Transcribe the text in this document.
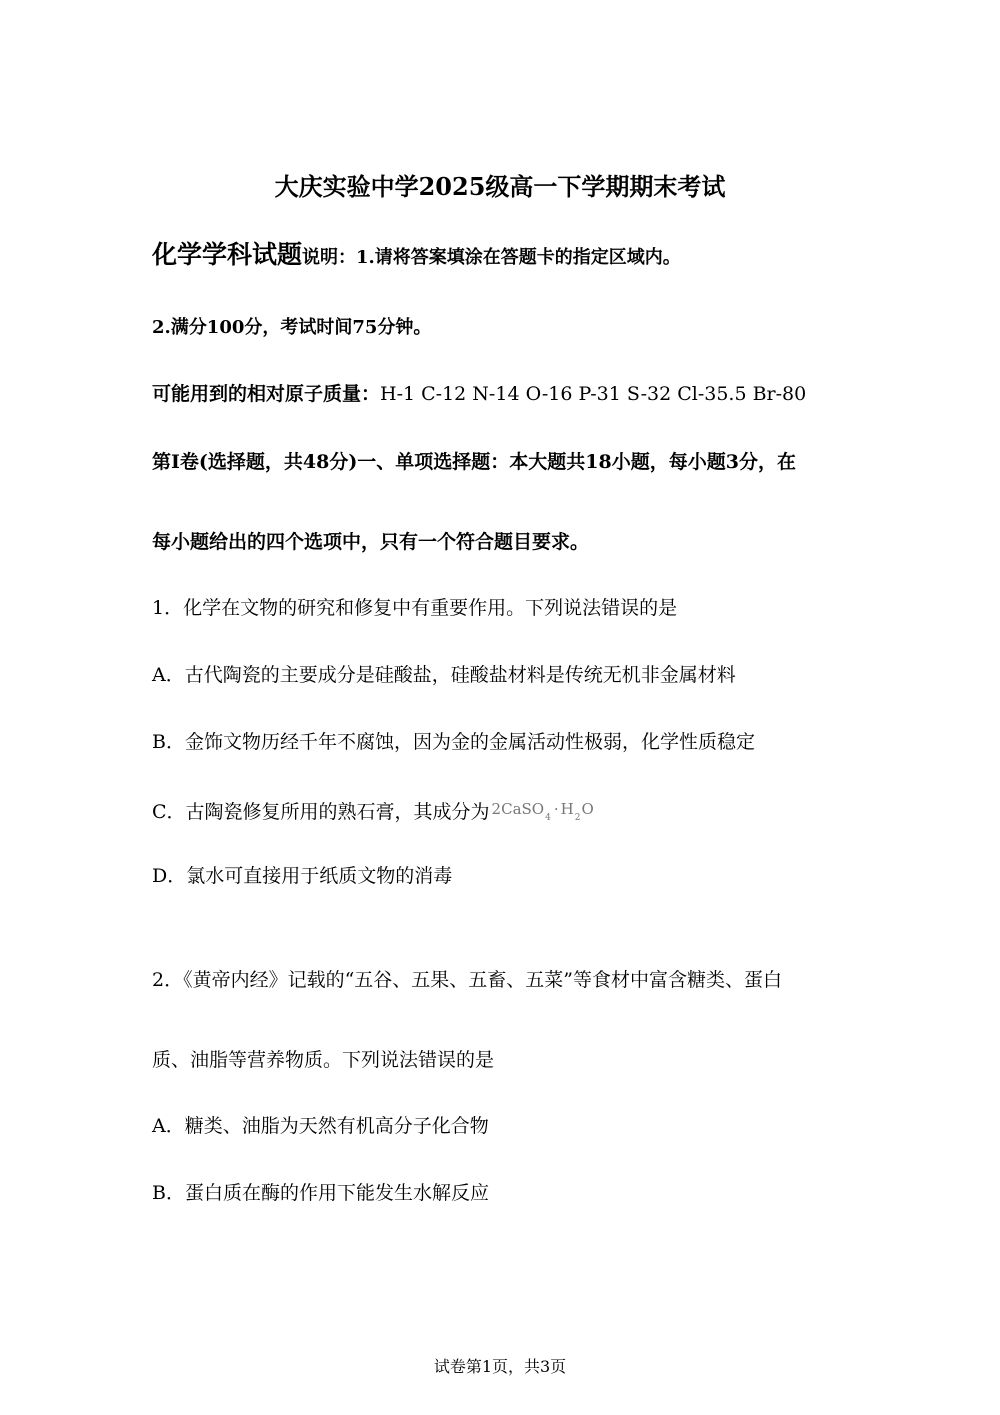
大庆实验中学2025级高一下学期期末考试
化学学科试题说明：1.请将答案填涂在答题卡的指定区域内。
2.满分100分，考试时间75分钟。
可能用到的相对原子质量：H-1 C-12 N-14 O-16 P-31 S-32 Cl-35.5 Br-80
第I卷(选择题，共48分)一、单项选择题：本大题共18小题，每小题3分，在
每小题给出的四个选项中，只有一个符合题目要求。
1．化学在文物的研究和修复中有重要作用。下列说法错误的是
A．古代陶瓷的主要成分是硅酸盐，硅酸盐材料是传统无机非金属材料
B．金饰文物历经千年不腐蚀，因为金的金属活动性极弱，化学性质稳定
C．古陶瓷修复所用的熟石膏，其成分为 $^{2CaSO_4 \cdot H_2O}$
D．氯水可直接用于纸质文物的消毒
2．《黄帝内经》记载的“五谷、五果、五畜、五菜”等食材中富含糖类、蛋白
质、油脂等营养物质。下列说法错误的是
A．糖类、油脂为天然有机高分子化合物
B．蛋白质在酶的作用下能发生水解反应
试卷第1页，共3页
